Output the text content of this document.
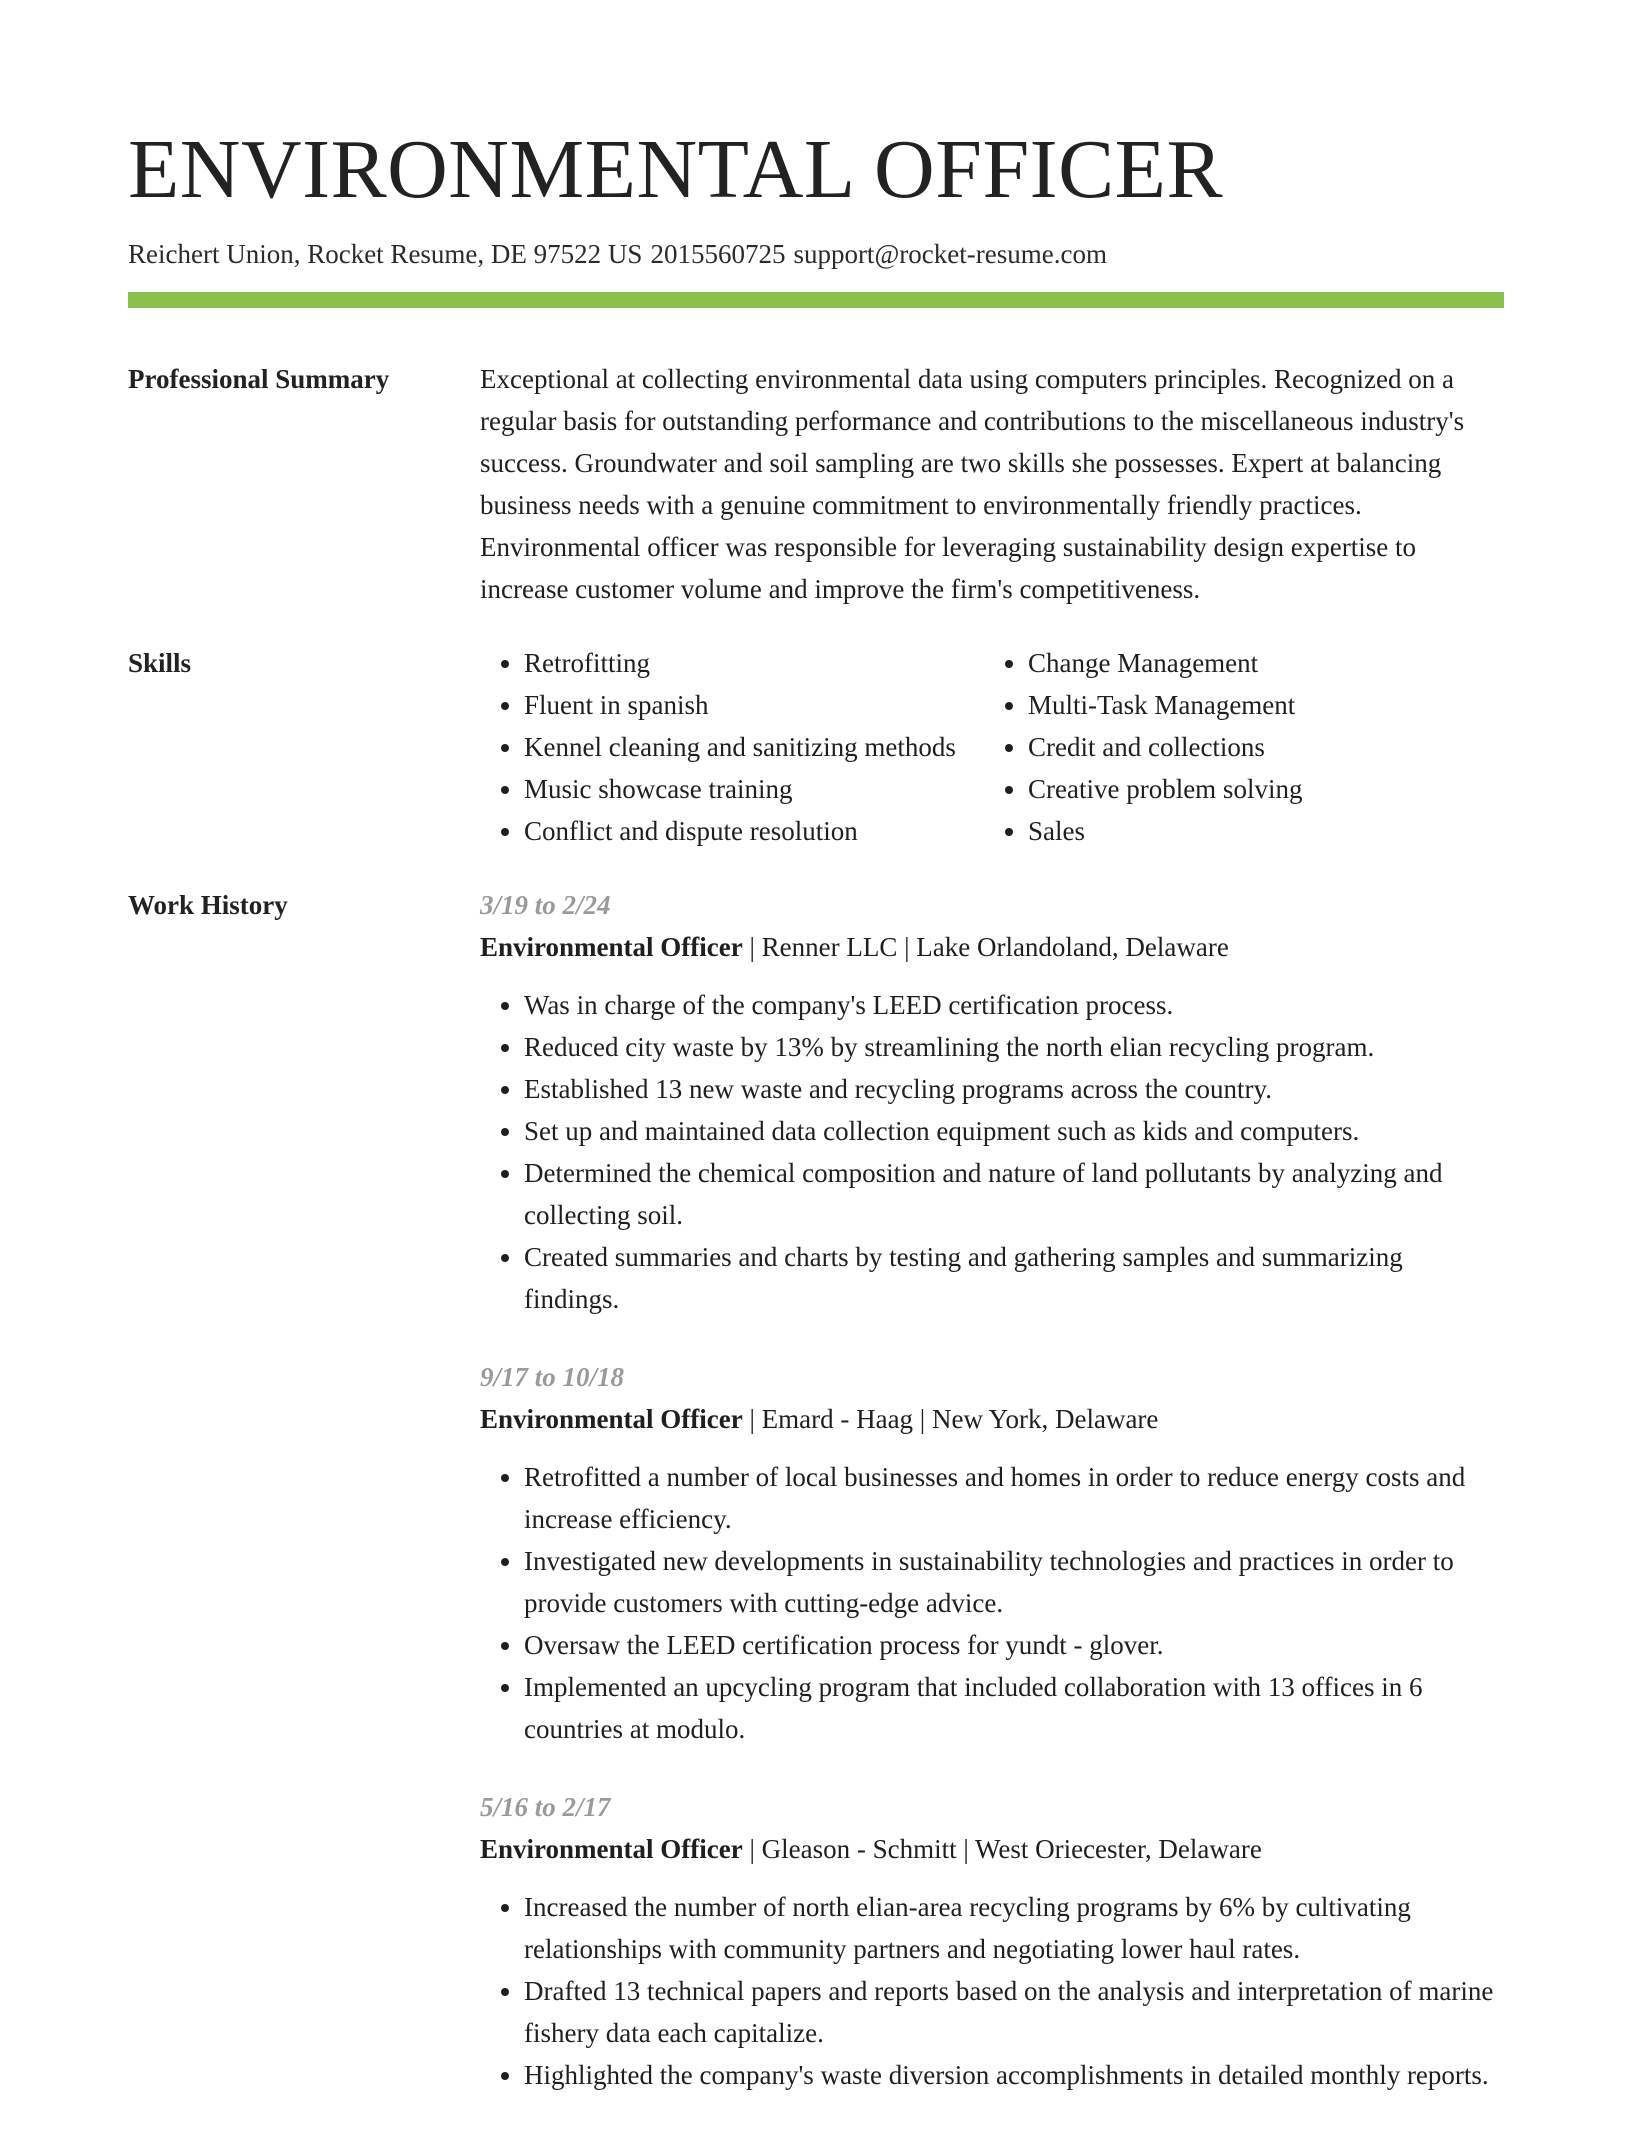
ENVIRONMENTAL OFFICER
Reichert Union, Rocket Resume, DE 97522 US 2015560725 support@rocket-resume.com
Professional Summary	Exceptional at collecting environmental data using computers principles. Recognized on a regular basis for outstanding performance and contributions to the miscellaneous industry's success. Groundwater and soil sampling are two skills she possesses. Expert at balancing business needs with a genuine commitment to environmentally friendly practices. Environmental officer was responsible for leveraging sustainability design expertise to increase customer volume and improve the firm's competitiveness.

Skills
•	Retrofitting
• Fluent in spanish
• Kennel cleaning and sanitizing methods
• Music showcase training
• Conflict and dispute resolution
• Change Management
• Multi-Task Management
• Credit and collections
• Creative problem solving
• Sales
Work History	3/19 to 2/24
Environmental Officer | Renner LLC | Lake Orlandoland, Delaware
• Was in charge of the company's LEED certification process.
• Reduced city waste by 13% by streamlining the north elian recycling program.
• Established 13 new waste and recycling programs across the country.
• Set up and maintained data collection equipment such as kids and computers.
• Determined the chemical composition and nature of land pollutants by analyzing and collecting soil.
• Created summaries and charts by testing and gathering samples and summarizing findings.
9/17 to 10/18
Environmental Officer | Emard - Haag | New York, Delaware
• Retrofitted a number of local businesses and homes in order to reduce energy costs and increase efficiency.
• Investigated new developments in sustainability technologies and practices in order to provide customers with cutting-edge advice.
• Oversaw the LEED certification process for yundt - glover.
• Implemented an upcycling program that included collaboration with 13 offices in 6 countries at modulo.
5/16 to 2/17
Environmental Officer | Gleason - Schmitt | West Oriecester, Delaware
• Increased the number of north elian-area recycling programs by 6% by cultivating relationships with community partners and negotiating lower haul rates.
• Drafted 13 technical papers and reports based on the analysis and interpretation of marine fishery data each capitalize.
• Highlighted the company's waste diversion accomplishments in detailed monthly reports.
